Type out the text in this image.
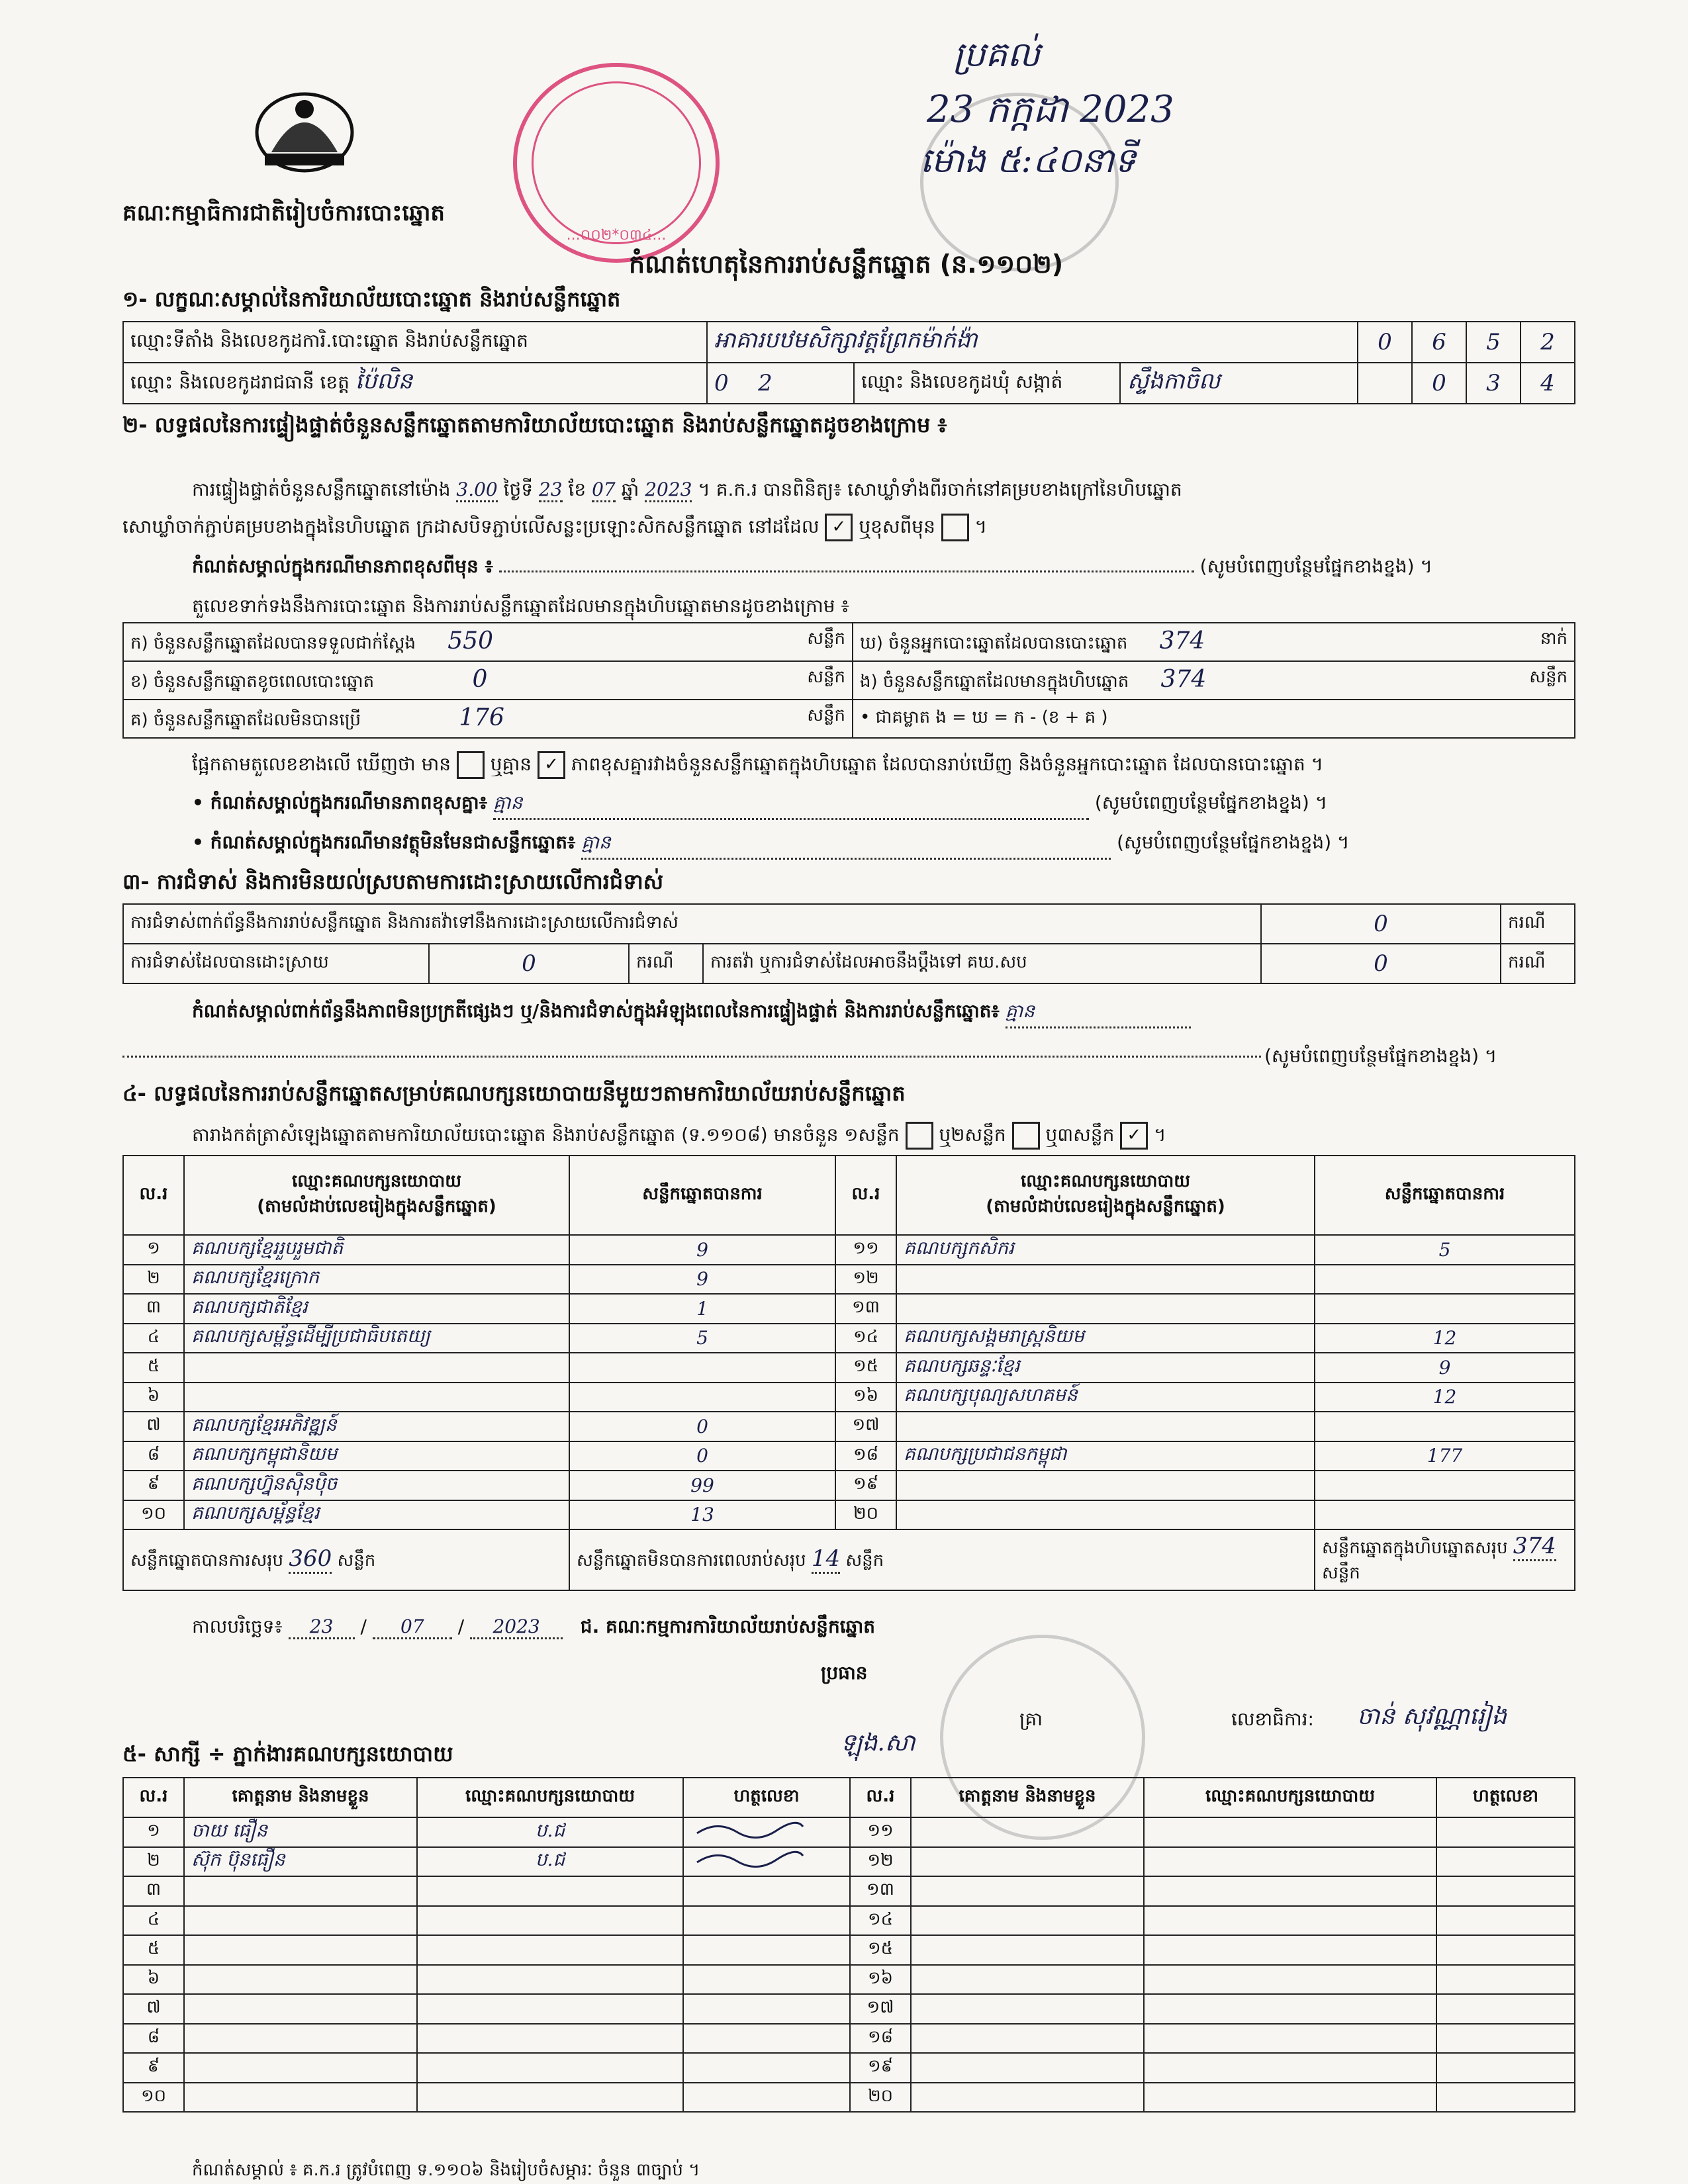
គណៈកម្មាធិការជាតិរៀបចំការបោះឆ្នោត
...០០២*០៣៤...
ប្រគល់
23 កក្កដា 2023
ម៉ោង ៥:៤០នាទី
កំណត់ហេតុនៃការរាប់សន្លឹកឆ្នោត (ន.១១០២)
១- លក្ខណៈសម្គាល់នៃការិយាល័យបោះឆ្នោត និងរាប់សន្លឹកឆ្នោត
ឈ្មោះទីតាំង និងលេខកូដការិ.បោះឆ្នោត និងរាប់សន្លឹកឆ្នោត	អាគារបឋមសិក្សាវត្តព្រែកម៉ាក់ង៉ា			0	6	5	2
ឈ្មោះ និងលេខកូដរាជធានី ខេត្ត ប៉ៃលិន	0 2	ឈ្មោះ និងលេខកូដឃុំ សង្កាត់	ស្ទឹងកាចិល		0	3	4
២- លទ្ធផលនៃការផ្ទៀងផ្ទាត់ចំនួនសន្លឹកឆ្នោតតាមការិយាល័យបោះឆ្នោត និងរាប់សន្លឹកឆ្នោតដូចខាងក្រោម ៖
ការផ្ទៀងផ្ទាត់ចំនួនសន្លឹកឆ្នោតនៅម៉ោង 3.00 ថ្ងៃទី 23 ខែ 07 ឆ្នាំ 2023 ។ គ.ក.រ បានពិនិត្យ៖ សោឃ្លាំទាំងពីរចាក់នៅគម្របខាងក្រៅនៃហិបឆ្នោត
សោឃ្លាំចាក់ភ្ជាប់គម្របខាងក្នុងនៃហិបឆ្នោត ក្រដាសបិទភ្ជាប់លើសន្លះប្រឡោះសិកសន្លឹកឆ្នោត នៅដដែល ✓ ឬខុសពីមុន  ។
កំណត់សម្គាល់ក្នុងករណីមានភាពខុសពីមុន ៖	(សូមបំពេញបន្ថែមផ្នែកខាងខ្នង) ។
តួលេខទាក់ទងនឹងការបោះឆ្នោត និងការរាប់សន្លឹកឆ្នោតដែលមានក្នុងហិបឆ្នោតមានដូចខាងក្រោម ៖
ក) ចំនួនសន្លឹកឆ្នោតដែលបានទទួលជាក់ស្តែង 550 សន្លឹក	ឃ) ចំនួនអ្នកបោះឆ្នោតដែលបានបោះឆ្នោត 374 នាក់

ខ) ចំនួនសន្លឹកឆ្នោតខូចពេលបោះឆ្នោត 0 សន្លឹក	ង) ចំនួនសន្លឹកឆ្នោតដែលមានក្នុងហិបឆ្នោត 374 សន្លឹក

គ) ចំនួនសន្លឹកឆ្នោតដែលមិនបានប្រើ 176 សន្លឹក	• ជាគម្លាត ង = ឃ = ក - (ខ + គ )
ផ្អែកតាមតួលេខខាងលើ ឃើញថា មាន ឬគ្មាន ✓ ភាពខុសគ្នារវាងចំនួនសន្លឹកឆ្នោតក្នុងហិបឆ្នោត ដែលបានរាប់ឃើញ និងចំនួនអ្នកបោះឆ្នោត ដែលបានបោះឆ្នោត ។
• កំណត់សម្គាល់ក្នុងករណីមានភាពខុសគ្នា៖ គ្មាន	(សូមបំពេញបន្ថែមផ្នែកខាងខ្នង) ។
• កំណត់សម្គាល់ក្នុងករណីមានវត្ថុមិនមែនជាសន្លឹកឆ្នោត៖ គ្មាន	(សូមបំពេញបន្ថែមផ្នែកខាងខ្នង) ។
៣- ការជំទាស់ និងការមិនយល់ស្របតាមការដោះស្រាយលើការជំទាស់
ការជំទាស់ពាក់ព័ន្ធនឹងការរាប់សន្លឹកឆ្នោត និងការតវ៉ាទៅនឹងការដោះស្រាយលើការជំទាស់				0	ករណី
ការជំទាស់ដែលបានដោះស្រាយ	0	ករណី	ការតវ៉ា ឬការជំទាស់ដែលអាចនឹងប្តឹងទៅ គឃ.សប	0	ករណី
កំណត់សម្គាល់ពាក់ព័ន្ធនឹងភាពមិនប្រក្រតីផ្សេងៗ ឬ/និងការជំទាស់ក្នុងអំឡុងពេលនៃការផ្ទៀងផ្ទាត់ និងការរាប់សន្លឹកឆ្នោត៖ គ្មាន
(សូមបំពេញបន្ថែមផ្នែកខាងខ្នង) ។
៤- លទ្ធផលនៃការរាប់សន្លឹកឆ្នោតសម្រាប់គណបក្សនយោបាយនីមួយៗតាមការិយាល័យរាប់សន្លឹកឆ្នោត
តារាងកត់ត្រាសំឡេងឆ្នោតតាមការិយាល័យបោះឆ្នោត និងរាប់សន្លឹកឆ្នោត (ទ.១១០៨) មានចំនួន ១សន្លឹក ឬ២សន្លឹក ឬ៣សន្លឹក ✓ ។
ល.រ	ឈ្មោះគណបក្សនយោបាយ
(តាមលំដាប់លេខរៀងក្នុងសន្លឹកឆ្នោត)	សន្លឹកឆ្នោតបានការ	ល.រ	ឈ្មោះគណបក្សនយោបាយ
(តាមលំដាប់លេខរៀងក្នុងសន្លឹកឆ្នោត)	សន្លឹកឆ្នោតបានការ
១	គណបក្សខ្មែររួបរួមជាតិ	9	១១	គណបក្សកសិករ	5
២	គណបក្សខ្មែរក្រោក	9	១២		
៣	គណបក្សជាតិខ្មែរ	1	១៣		
៤	គណបក្សសម្ព័ន្ធដើម្បីប្រជាធិបតេយ្យ	5	១៤	គណបក្សសង្គមរាស្ត្រនិយម	12
៥			១៥	គណបក្សឆន្ទៈខ្មែរ	9
៦			១៦	គណបក្សបុណ្យសហគមន៍	12
៧	គណបក្សខ្មែរអភិវឌ្ឍន៍	0	១៧		
៨	គណបក្សកម្ពុជានិយម	0	១៨	គណបក្សប្រជាជនកម្ពុជា	177
៩	គណបក្សហ្វ៊ុនស៊ិនប៉ិច	99	១៩		
១០	គណបក្សសម្ព័ន្ធខ្មែរ	13	២០		
សន្លឹកឆ្នោតបានការសរុប 360 សន្លឹក		សន្លឹកឆ្នោតមិនបានការពេលរាប់សរុប 14 សន្លឹក			សន្លឹកឆ្នោតក្នុងហិបឆ្នោតសរុប 374 សន្លឹក
កាលបរិច្ឆេទ៖ 23 / 07 / 2023 ជ. គណៈកម្មការការិយាល័យរាប់សន្លឹកឆ្នោត
ប្រធាន
ឡុង.សា
គ្រា	លេខាធិការ: ចាន់ សុវណ្ណារៀង
៥- សាក្សី ÷ ភ្នាក់ងារគណបក្សនយោបាយ
ល.រ	គោត្តនាម និងនាមខ្លួន	ឈ្មោះគណបក្សនយោបាយ	ហត្ថលេខា	ល.រ	គោត្តនាម និងនាមខ្លួន	ឈ្មោះគណបក្សនយោបាយ	ហត្ថលេខា
១	ចាយ ធឿន	ប.ជ		១១			
២	ស៊ុក ប៊ុនធឿន	ប.ជ		១២			
៣				១៣			
៤				១៤			
៥				១៥			
៦				១៦			
៧				១៧			
៨				១៨			
៩				១៩			
១០				២០			
កំណត់សម្គាល់ ៖ គ.ក.រ ត្រូវបំពេញ ទ.១១០៦ និងរៀបចំសម្ភារៈ ចំនួន ៣ច្បាប់ ។
